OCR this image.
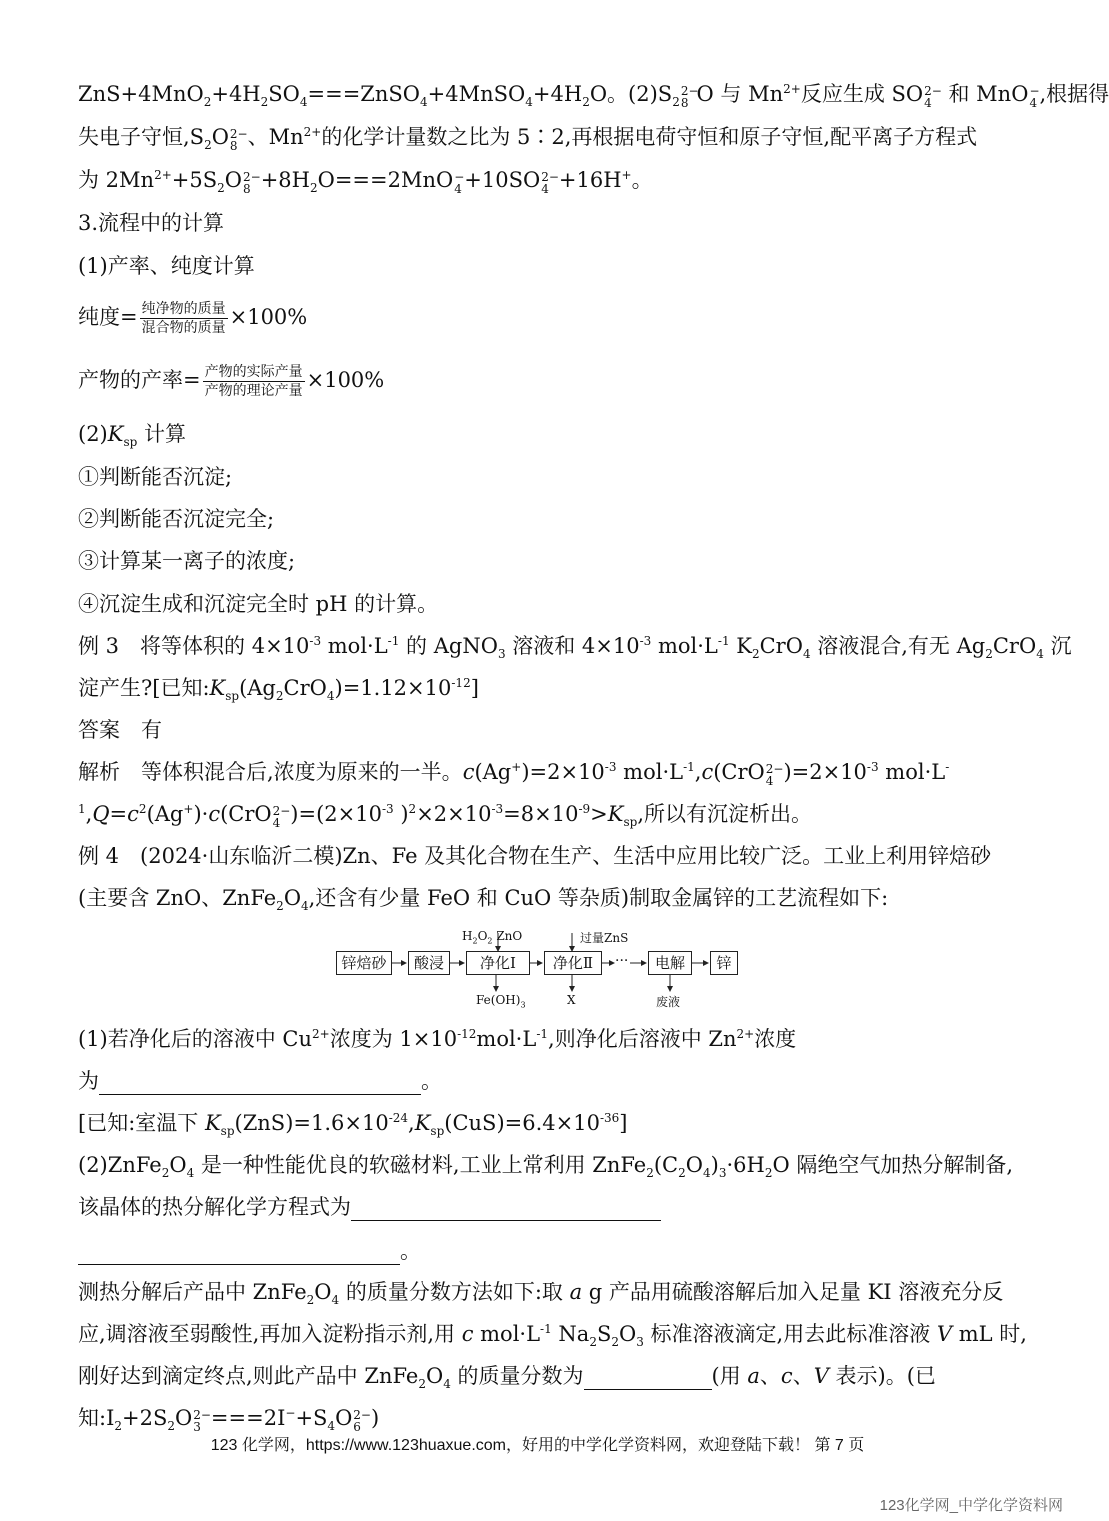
$ZnS+4MnO_2+4H_2SO_4===ZnSO_4+4MnSO_4+4H_2O$。$(2)S_22-$
8 O 与 $Mn^{2+}$反应生成 SO2−
4 和 MnO−
4 ,根据得
失电子守恒$,S_2O2-$
8 、$Mn^{2+}$的化学计量数之比为 5∶2,再根据电荷守恒和原子守恒,配平离子方程式
为 $2Mn^{2+}+5S_2O2-$
$8 +8H_2O===2MnO-$
4 +10SO2−
4 +16H+。
3.流程中的计算
(1)产率、纯度计算
纯度= $\frac{\text{纯净物的质量}}{\text{混合物的质量}} \times 100\%$
产物的产率= $\frac{\text{产物的实际产量}}{\text{产物的理论产量}} \times 100\%$
$(2)K_{sp}$ 计算
①判断能否沉淀;
②判断能否沉淀完全;
③计算某一离子的浓度;
④沉淀生成和沉淀完全时 pH 的计算。
例 3　将等体积的 $4\times 10^{-3}$ $mol\cdot L^{-1}$ 的 AgNO$_3$ 溶液和 $4\times 10^{-3}$ $mol\cdot L^{-1}$ $K_2CrO_4$ 溶液混合,有无 $Ag_2CrO_4$ 沉
淀产生?[已知$:K_{sp}(Ag_2CrO_4)=1.12\times 10^{-12}$]
答案　有
解析　等体积混合后,浓度为原来的一半。$c(Ag^+)=2\times 10^{-3}$ $mol\cdot L^{-1},c(CrO2-$
4 )$=2\times 10^{-3}$ mol·L-
$^1,Q=c^2(Ag^+)\cdot c(CrO2-$
4 )$=(2\times 10^{-3}$ )$^2\times 2\times 10^{-3}=8\times 10^{-9}>K_{sp}$,所以有沉淀析出。
例 4　(2024·山东临沂二模)Zn、Fe 及其化合物在生产、生活中应用比较广泛。工业上利用锌焙砂
(主要含 ZnO、$ZnFe_2O_4$,还含有少量 FeO 和 CuO 等杂质)制取金属锌的工艺流程如下:
锌焙砂	酸浸	净化Ⅰ	净化Ⅱ	···	电解	锌
$H_2O_2$ ZnO	过量ZnS
$Fe(OH)_3$	X	废液
(1)若净化后的溶液中 $Cu^{2+}$浓度为 $1\times 10^{-12}mol\cdot L^{-1}$,则净化后溶液中 $Zn^{2+}$浓度
为	。
[已知:室温下 $K_{sp}(ZnS)=1.6\times 10^{-24},K_{sp}(CuS)=6.4\times 10^{-36}$]
$(2)ZnFe_2O_4$ 是一种性能优良的软磁材料,工业上常利用 $ZnFe_2(C_2O_4)_3\cdot 6H_2O$ 隔绝空气加热分解制备,
该晶体的热分解化学方程式为
。
测热分解后产品中 $ZnFe_2O_4$ 的质量分数方法如下:取 a g 产品用硫酸溶解后加入足量 KI 溶液充分反
应,调溶液至弱酸性,再加入淀粉指示剂,用 c $mol\cdot L^{-1}$ $Na_2S_2O_3$ 标准溶液滴定,用去此标准溶液 V mL 时,
刚好达到滴定终点,则此产品中 $ZnFe_2O_4$ 的质量分数为	(用 a、c、V 表示)。(已
知$:I_2+2S_2O2-$
$3 ===2I^-+S_4O2-$
6 )
123 化学网，https://www.123huaxue.com，好用的中学化学资料网，欢迎登陆下载！ 第 7 页
123化学网_中学化学资料网
